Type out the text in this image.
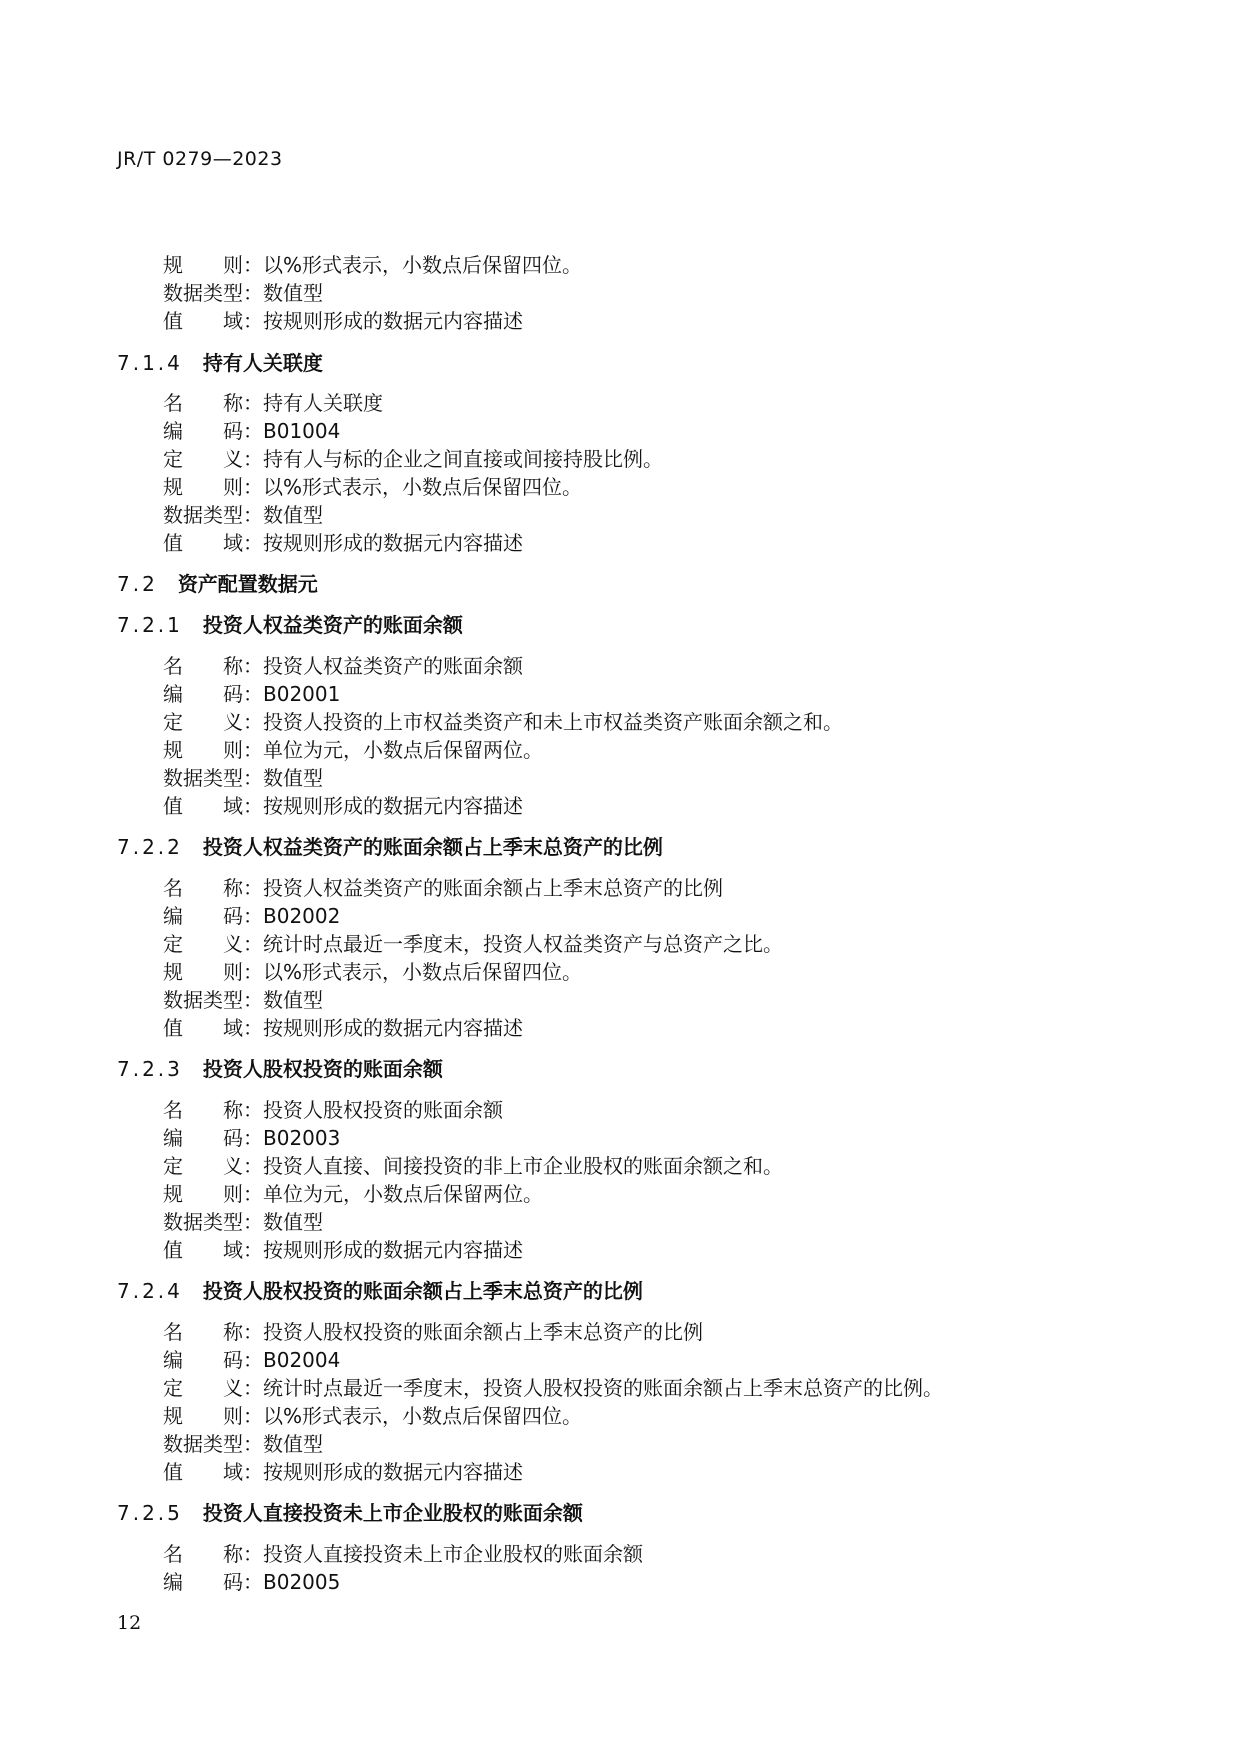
JR/T 0279—2023
规　　则：以%形式表示，小数点后保留四位。
数据类型：数值型
值　　域：按规则形成的数据元内容描述
7.1.4　 持有人关联度
名　　称：持有人关联度
编　　码：B01004
定　　义：持有人与标的企业之间直接或间接持股比例。
规　　则：以%形式表示，小数点后保留四位。
数据类型：数值型
值　　域：按规则形成的数据元内容描述
7.2　 资产配置数据元
7.2.1　 投资人权益类资产的账面余额
名　　称：投资人权益类资产的账面余额
编　　码：B02001
定　　义：投资人投资的上市权益类资产和未上市权益类资产账面余额之和。
规　　则：单位为元，小数点后保留两位。
数据类型：数值型
值　　域：按规则形成的数据元内容描述
7.2.2　 投资人权益类资产的账面余额占上季末总资产的比例
名　　称：投资人权益类资产的账面余额占上季末总资产的比例
编　　码：B02002
定　　义：统计时点最近一季度末，投资人权益类资产与总资产之比。
规　　则：以%形式表示，小数点后保留四位。
数据类型：数值型
值　　域：按规则形成的数据元内容描述
7.2.3　 投资人股权投资的账面余额
名　　称：投资人股权投资的账面余额
编　　码：B02003
定　　义：投资人直接、间接投资的非上市企业股权的账面余额之和。
规　　则：单位为元，小数点后保留两位。
数据类型：数值型
值　　域：按规则形成的数据元内容描述
7.2.4　 投资人股权投资的账面余额占上季末总资产的比例
名　　称：投资人股权投资的账面余额占上季末总资产的比例
编　　码：B02004
定　　义：统计时点最近一季度末，投资人股权投资的账面余额占上季末总资产的比例。
规　　则：以%形式表示，小数点后保留四位。
数据类型：数值型
值　　域：按规则形成的数据元内容描述
7.2.5　 投资人直接投资未上市企业股权的账面余额
名　　称：投资人直接投资未上市企业股权的账面余额
编　　码：B02005
12
